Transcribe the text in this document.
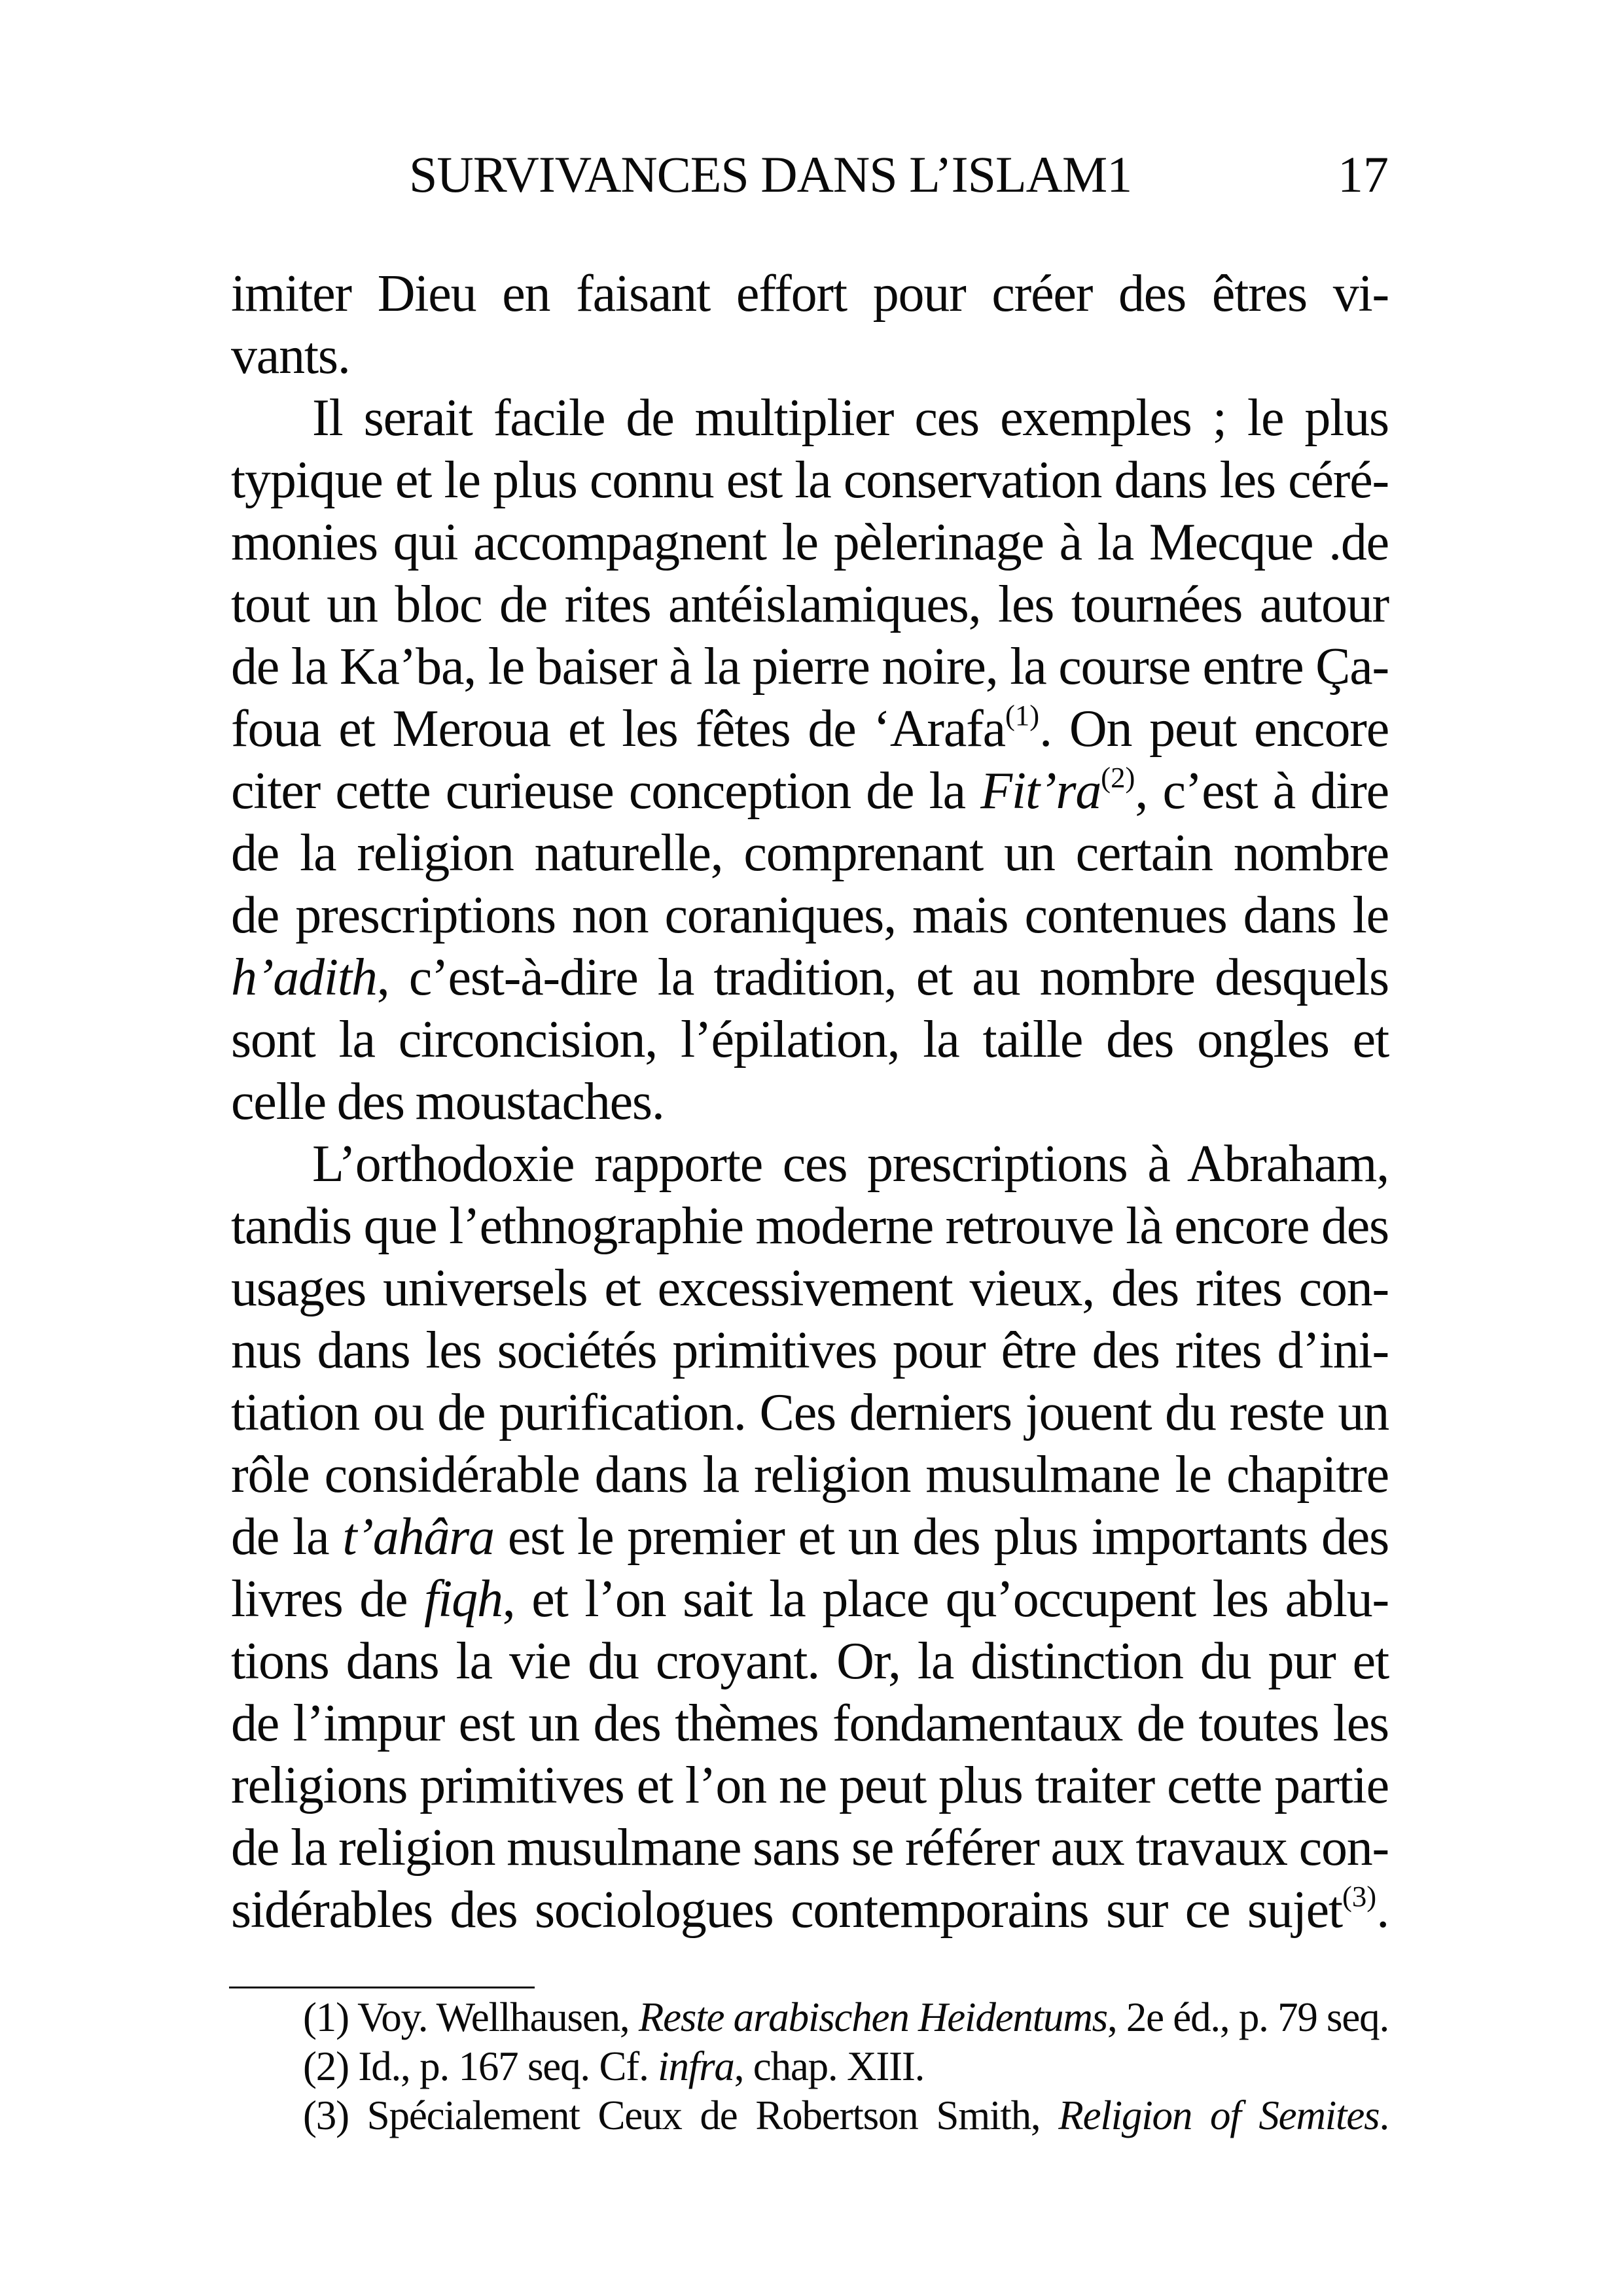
SURVIVANCES DANS L’ISLAM1	17
imiter Dieu en faisant effort pour créer des êtres vi-
vants.
Il serait facile de multiplier ces exemples ; le plus
typique et le plus connu est la conservation dans les céré-
monies qui accompagnent le pèlerinage à la Mecque .de
tout un bloc de rites antéislamiques, les tournées autour
de la Ka’ba, le baiser à la pierre noire, la course entre Ça-
foua et Meroua et les fêtes de ‘Arafa$^{(1)}$. On peut encore
citer cette curieuse conception de la $Fit’ra^{(2)}$, c’est à dire
de la religion naturelle, comprenant un certain nombre
de prescriptions non coraniques, mais contenues dans le
h’adith, c’est-à-dire la tradition, et au nombre desquels
sont la circoncision, l’épilation, la taille des ongles et
celle des moustaches.
L’orthodoxie rapporte ces prescriptions à Abraham,
tandis que l’ethnographie moderne retrouve là encore des
usages universels et excessivement vieux, des rites con-
nus dans les sociétés primitives pour être des rites d’ini-
tiation ou de purification. Ces derniers jouent du reste un
rôle considérable dans la religion musulmane le chapitre
de la t’ahâra est le premier et un des plus importants des
livres de fiqh, et l’on sait la place qu’occupent les ablu-
tions dans la vie du croyant. Or, la distinction du pur et
de l’impur est un des thèmes fondamentaux de toutes les
religions primitives et l’on ne peut plus traiter cette partie
de la religion musulmane sans se référer aux travaux con-
sidérables des sociologues contemporains sur ce sujet$^{(3)}$.
(1) Voy. Wellhausen, Reste arabischen Heidentums, 2e éd., p. 79 seq.
(2) Id., p. 167 seq. Cf. infra, chap. XIII.
(3) Spécialement Ceux de Robertson Smith, Religion of Semites.
